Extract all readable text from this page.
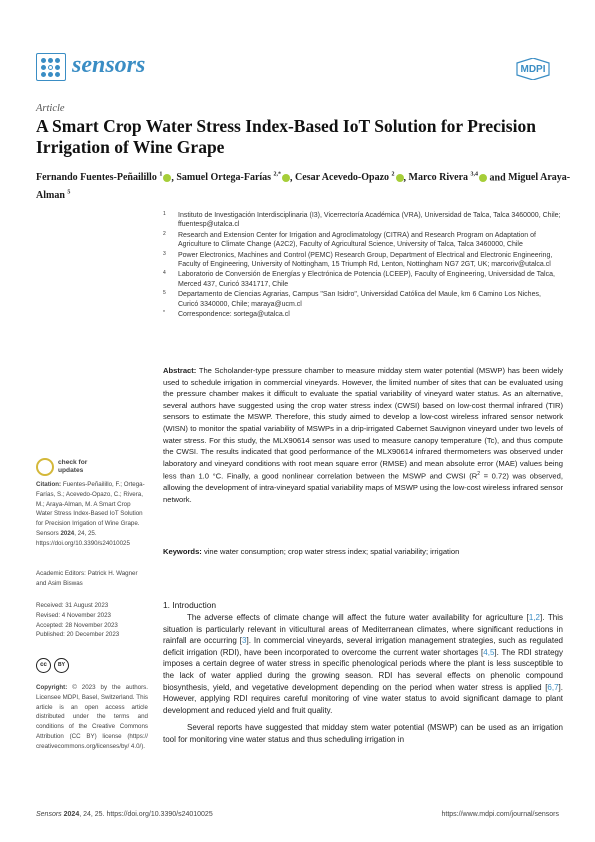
sensors	MDPI
Article
A Smart Crop Water Stress Index-Based IoT Solution for Precision Irrigation of Wine Grape
Fernando Fuentes-Peñailillo $^1$ , Samuel Ortega-Farías $^{2,*}$ , Cesar Acevedo-Opazo $^2$ , Marco Rivera $^{3,4}$ and Miguel Araya-Alman $^5$
1 Instituto de Investigación Interdisciplinaria (I3), Vicerrectoría Académica (VRA), Universidad de Talca, Talca 3460000, Chile; ffuentesp@utalca.cl
2 Research and Extension Center for Irrigation and Agroclimatology (CITRA) and Research Program on Adaptation of Agriculture to Climate Change (A2C2), Faculty of Agricultural Science, University of Talca, Talca 3460000, Chile
3 Power Electronics, Machines and Control (PEMC) Research Group, Department of Electrical and Electronic Engineering, Faculty of Engineering, University of Nottingham, 15 Triumph Rd, Lenton, Nottingham NG7 2GT, UK; marcoriv@utalca.cl
4 Laboratorio de Conversión de Energías y Electrónica de Potencia (LCEEP), Faculty of Engineering, Universidad de Talca, Merced 437, Curicó 3341717, Chile
5 Departamento de Ciencias Agrarias, Campus "San Isidro", Universidad Católica del Maule, km 6 Camino Los Niches, Curicó 3340000, Chile; maraya@ucm.cl
* Correspondence: sortega@utalca.cl
Abstract: The Scholander-type pressure chamber to measure midday stem water potential (MSWP) has been widely used to schedule irrigation in commercial vineyards. However, the limited number of sites that can be evaluated using the pressure chamber makes it difficult to evaluate the spatial variability of vineyard water status. As an alternative, several authors have suggested using the crop water stress index (CWSI) based on low-cost thermal infrared (TIR) sensors to estimate the MSWP. Therefore, this study aimed to develop a low-cost wireless infrared sensor network (WISN) to monitor the spatial variability of MSWPs in a drip-irrigated Cabernet Sauvignon vineyard under two levels of water stress. For this study, the MLX90614 sensor was used to measure canopy temperature (Tc), and thus compute the CWSI. The results indicated that good performance of the MLX90614 infrared thermometers was observed under laboratory and vineyard conditions with root mean square error (RMSE) and mean absolute error (MAE) values being less than 1.0 °C. Finally, a good nonlinear correlation between the MSWP and CWSI $(R^2 = 0.72)$ was observed, allowing the development of intra-vineyard spatial variability maps of MSWP using the low-cost wireless infrared sensor network.
Keywords: vine water consumption; crop water stress index; spatial variability; irrigation
check for
updates
Citation: Fuentes-Peñailillo, F.; Ortega-Farías, S.; Acevedo-Opazo, C.; Rivera, M.; Araya-Alman, M. A Smart Crop Water Stress Index-Based IoT Solution for Precision Irrigation of Wine Grape. Sensors 2024, 24, 25. https://doi.org/10.3390/s24010025
Academic Editors: Patrick H. Wagner and Asim Biswas
Received: 31 August 2023
Revised: 4 November 2023
Accepted: 28 November 2023
Published: 20 December 2023
cc	BY
Copyright: © 2023 by the authors. Licensee MDPI, Basel, Switzerland. This article is an open access article distributed under the terms and conditions of the Creative Commons Attribution (CC BY) license (https:// creativecommons.org/licenses/by/ 4.0/).
1. Introduction
The adverse effects of climate change will affect the future water availability for agriculture [1,2]. This situation is particularly relevant in viticultural areas of Mediterranean climates, where significant reductions in rainfall are occurring [3]. In commercial vineyards, several irrigation management strategies, such as regulated deficit irrigation (RDI), have been incorporated to overcome the current water shortages [4,5]. The RDI strategy imposes a certain degree of water stress in specific phenological periods where the plant is less susceptible to the lack of water applied during the growing season. RDI has several effects on phenolic compound biosynthesis, yield, and vegetative development depending on the period when water stress is applied [6,7]. However, applying RDI requires careful monitoring of vine water status to avoid significant damage to plant development and reduced yield and fruit quality.
Several reports have suggested that midday stem water potential (MSWP) can be used as an irrigation tool for monitoring vine water status and thus scheduling irrigation in
Sensors 2024, 24, 25. https://doi.org/10.3390/s24010025	https://www.mdpi.com/journal/sensors
